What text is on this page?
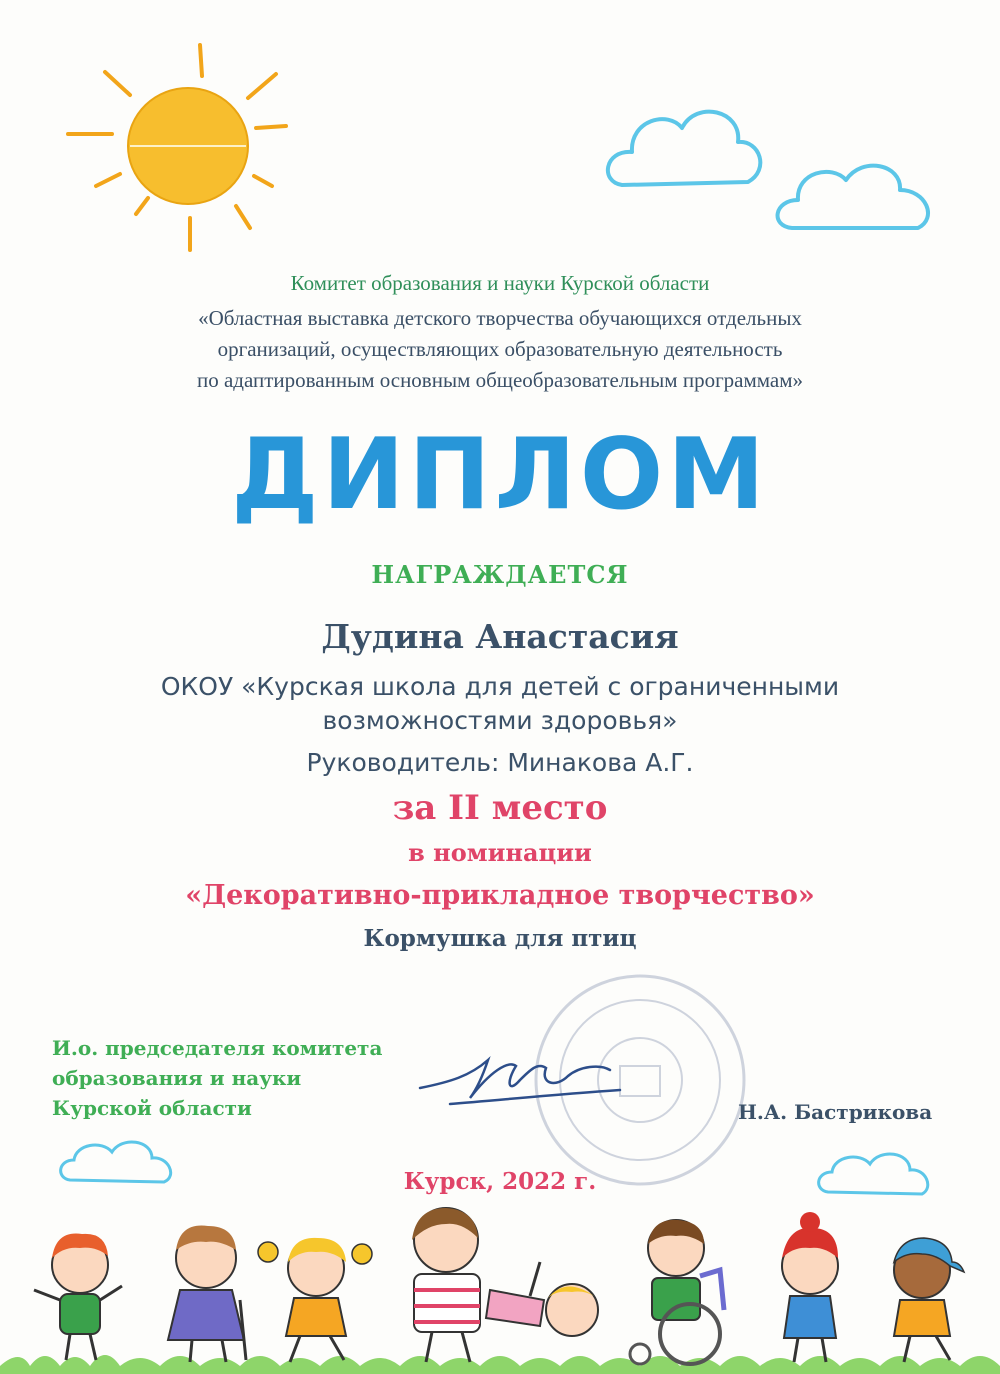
Комитет образования и науки Курской области
«Областная выставка детского творчества обучающихся отдельных
организаций, осуществляющих образовательную деятельность
по адаптированным основным общеобразовательным программам»
ДИПЛОМ
НАГРАЖДАЕТСЯ
Дудина Анастасия
ОКОУ «Курская школа для детей с ограниченными
возможностями здоровья»
Руководитель: Минакова А.Г.
за II место
в номинации
«Декоративно-прикладное творчество»
Кормушка для птиц
И.о. председателя комитета
образования и науки
Курской области	Н.А. Бастрикова
Курск, 2022 г.
